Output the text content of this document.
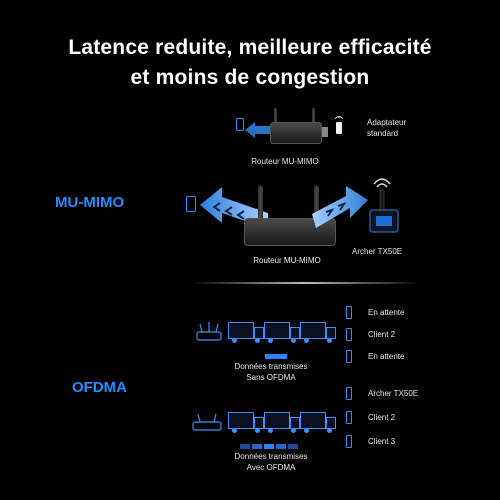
Latence reduite, meilleure efficacité
et moins de congestion
MU-MIMO
Adaptateur
standard
Routeur MU-MIMO
Routeur MU-MIMO
Archer TX50E
OFDMA
Données transmises
Sans OFDMA
En attente
Client 2
En attente
Données transmises
Avec OFDMA
Archer TX50E
Client 2
Client 3
